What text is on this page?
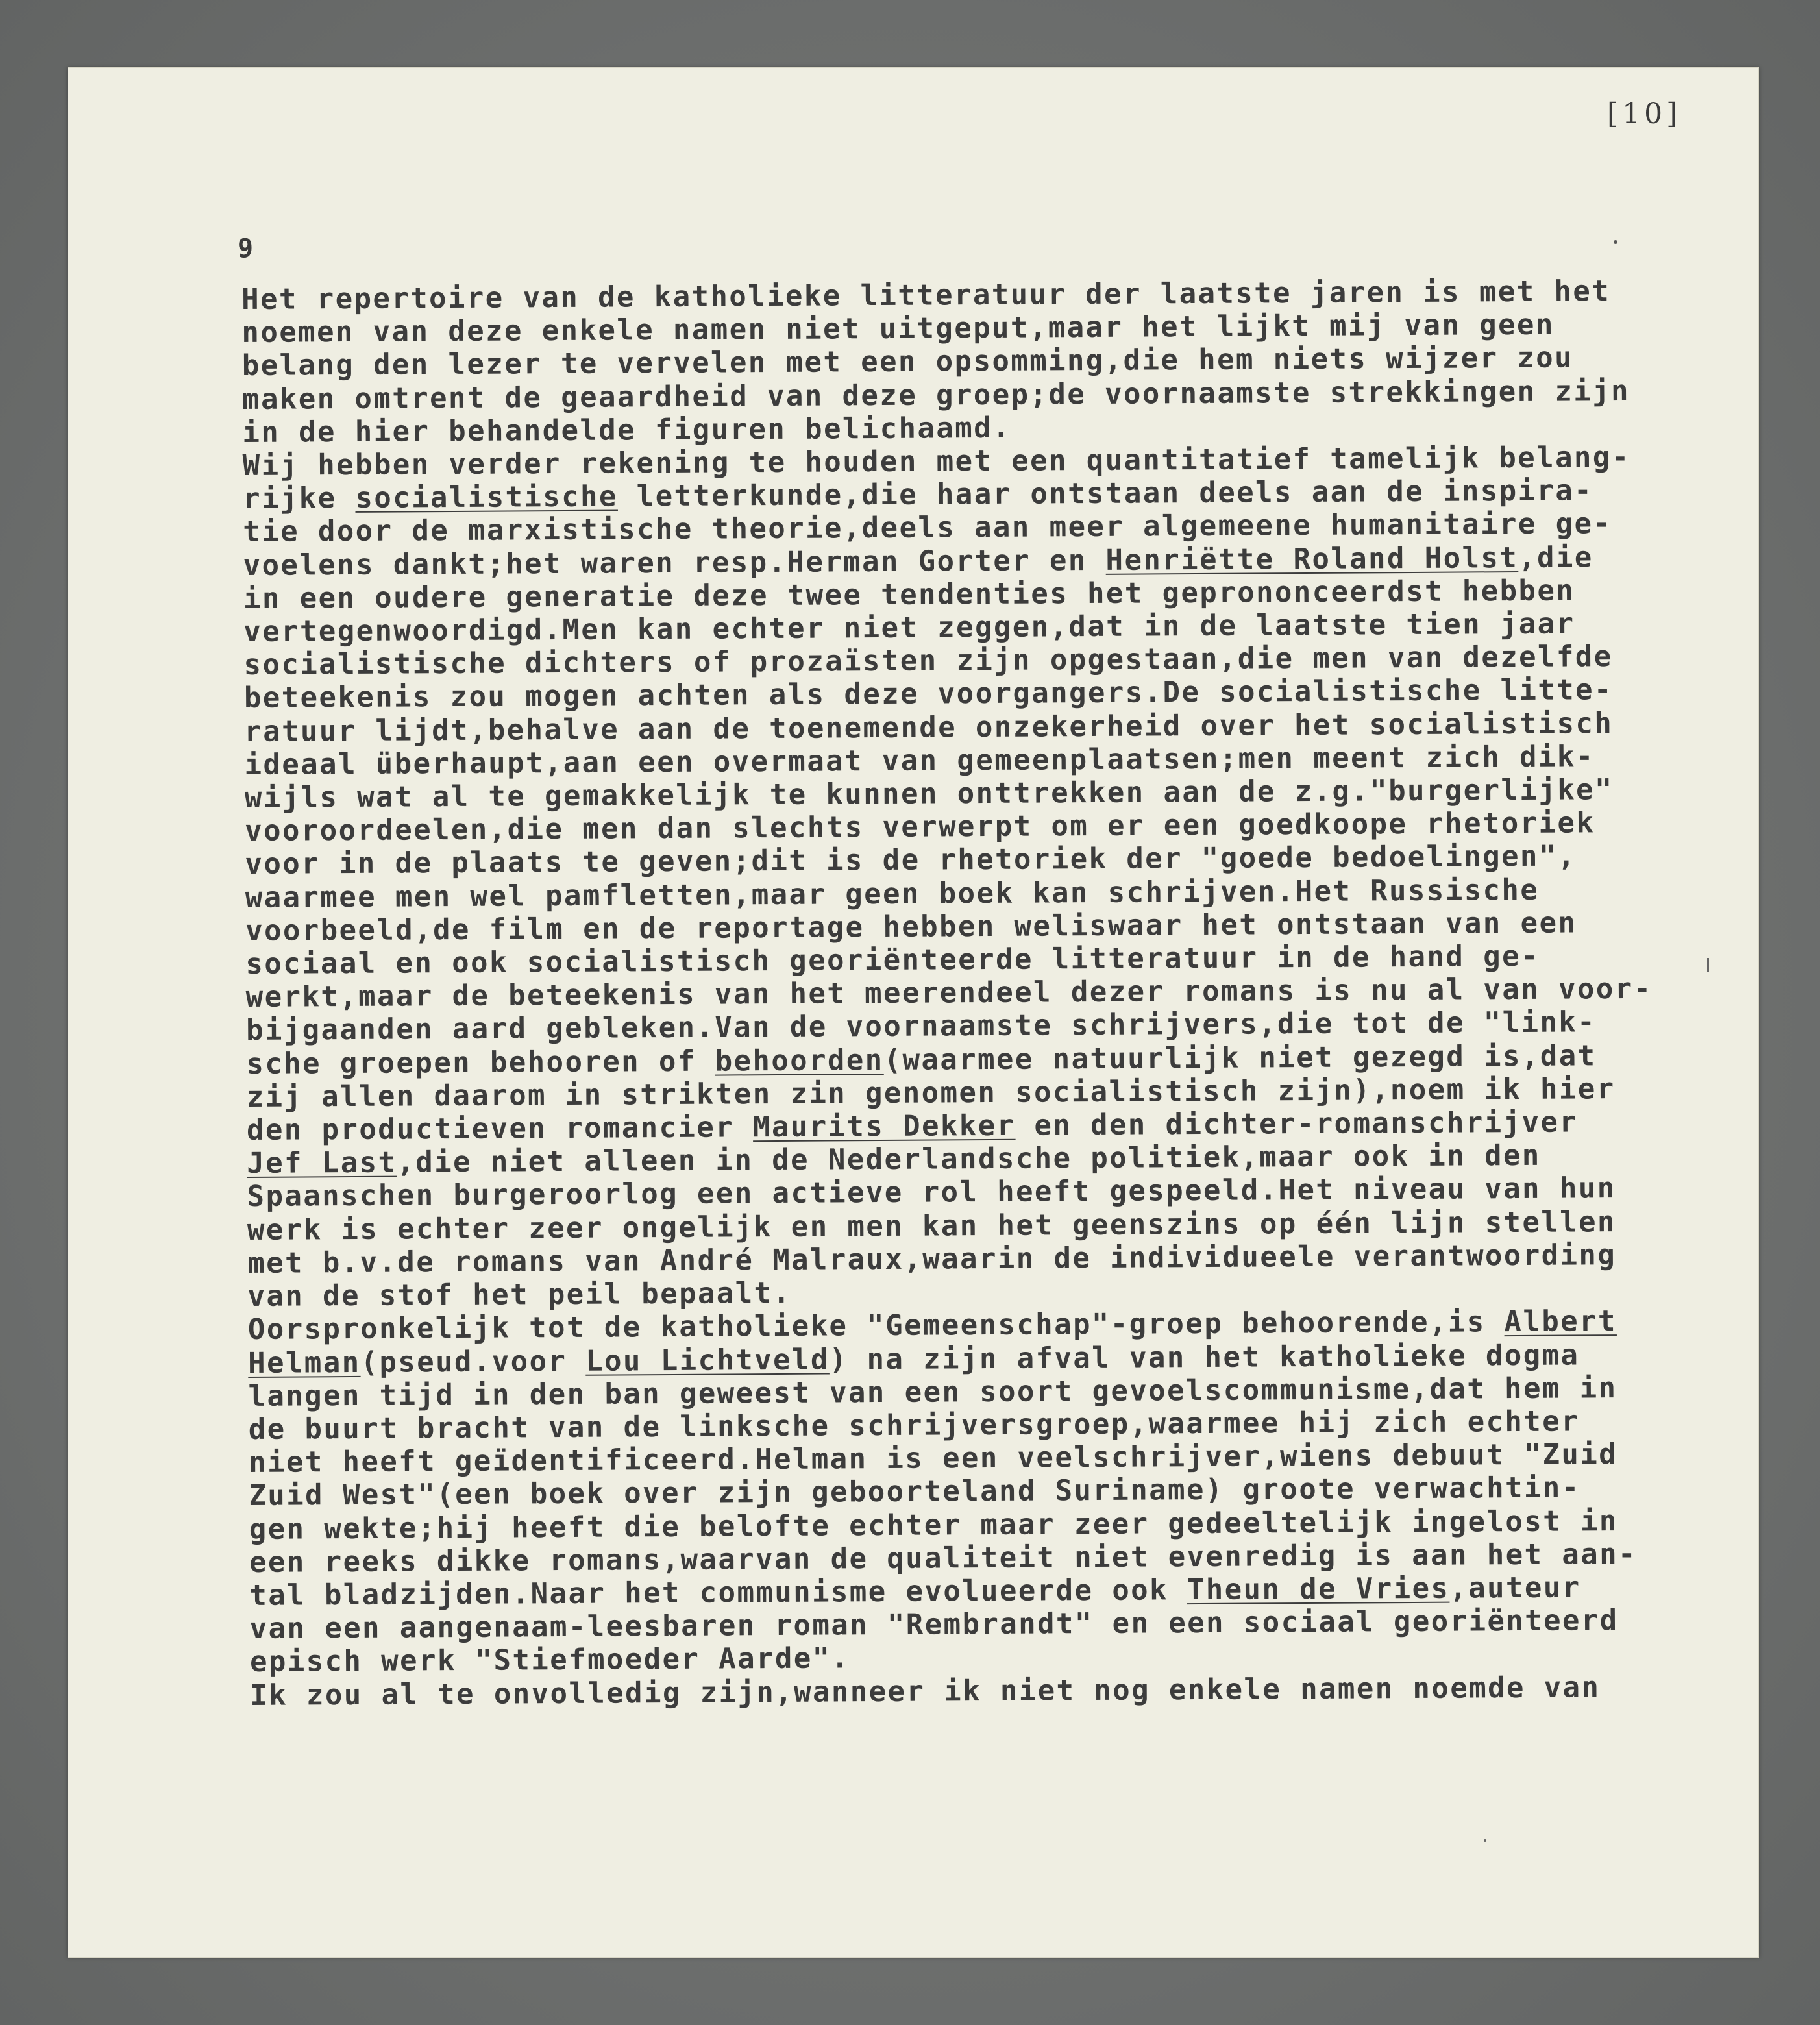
[10]
9
Het repertoire van de katholieke litteratuur der laatste jaren is met het
noemen van deze enkele namen niet uitgeput,maar het lijkt mij van geen
belang den lezer te vervelen met een opsomming,die hem niets wijzer zou
maken omtrent de geaardheid van deze groep;de voornaamste strekkingen zijn
in de hier behandelde figuren belichaamd.
Wij hebben verder rekening te houden met een quantitatief tamelijk belang-
rijke socialistische letterkunde,die haar ontstaan deels aan de inspira-
tie door de marxistische theorie,deels aan meer algemeene humanitaire ge-
voelens dankt;het waren resp.Herman Gorter en Henriëtte Roland Holst,die
in een oudere generatie deze twee tendenties het geprononceerdst hebben
vertegenwoordigd.Men kan echter niet zeggen,dat in de laatste tien jaar
socialistische dichters of prozaïsten zijn opgestaan,die men van dezelfde
beteekenis zou mogen achten als deze voorgangers.De socialistische litte-
ratuur lijdt,behalve aan de toenemende onzekerheid over het socialistisch
ideaal überhaupt,aan een overmaat van gemeenplaatsen;men meent zich dik-
wijls wat al te gemakkelijk te kunnen onttrekken aan de z.g."burgerlijke"
vooroordeelen,die men dan slechts verwerpt om er een goedkoope rhetoriek
voor in de plaats te geven;dit is de rhetoriek der "goede bedoelingen",
waarmee men wel pamfletten,maar geen boek kan schrijven.Het Russische
voorbeeld,de film en de reportage hebben weliswaar het ontstaan van een
sociaal en ook socialistisch georiënteerde litteratuur in de hand ge-
werkt,maar de beteekenis van het meerendeel dezer romans is nu al van voor-
bijgaanden aard gebleken.Van de voornaamste schrijvers,die tot de "link-
sche groepen behooren of behoorden(waarmee natuurlijk niet gezegd is,dat
zij allen daarom in strikten zin genomen socialistisch zijn),noem ik hier
den productieven romancier Maurits Dekker en den dichter-romanschrijver
Jef Last,die niet alleen in de Nederlandsche politiek,maar ook in den
Spaanschen burgeroorlog een actieve rol heeft gespeeld.Het niveau van hun
werk is echter zeer ongelijk en men kan het geenszins op één lijn stellen
met b.v.de romans van André Malraux,waarin de individueele verantwoording
van de stof het peil bepaalt.
Oorspronkelijk tot de katholieke "Gemeenschap"-groep behoorende,is Albert
Helman(pseud.voor Lou Lichtveld) na zijn afval van het katholieke dogma
langen tijd in den ban geweest van een soort gevoelscommunisme,dat hem in
de buurt bracht van de linksche schrijversgroep,waarmee hij zich echter
niet heeft geïdentificeerd.Helman is een veelschrijver,wiens debuut "Zuid
Zuid West"(een boek over zijn geboorteland Suriname) groote verwachtin-
gen wekte;hij heeft die belofte echter maar zeer gedeeltelijk ingelost in
een reeks dikke romans,waarvan de qualiteit niet evenredig is aan het aan-
tal bladzijden.Naar het communisme evolueerde ook Theun de Vries,auteur
van een aangenaam-leesbaren roman "Rembrandt" en een sociaal georiënteerd
episch werk "Stiefmoeder Aarde".
Ik zou al te onvolledig zijn,wanneer ik niet nog enkele namen noemde van
